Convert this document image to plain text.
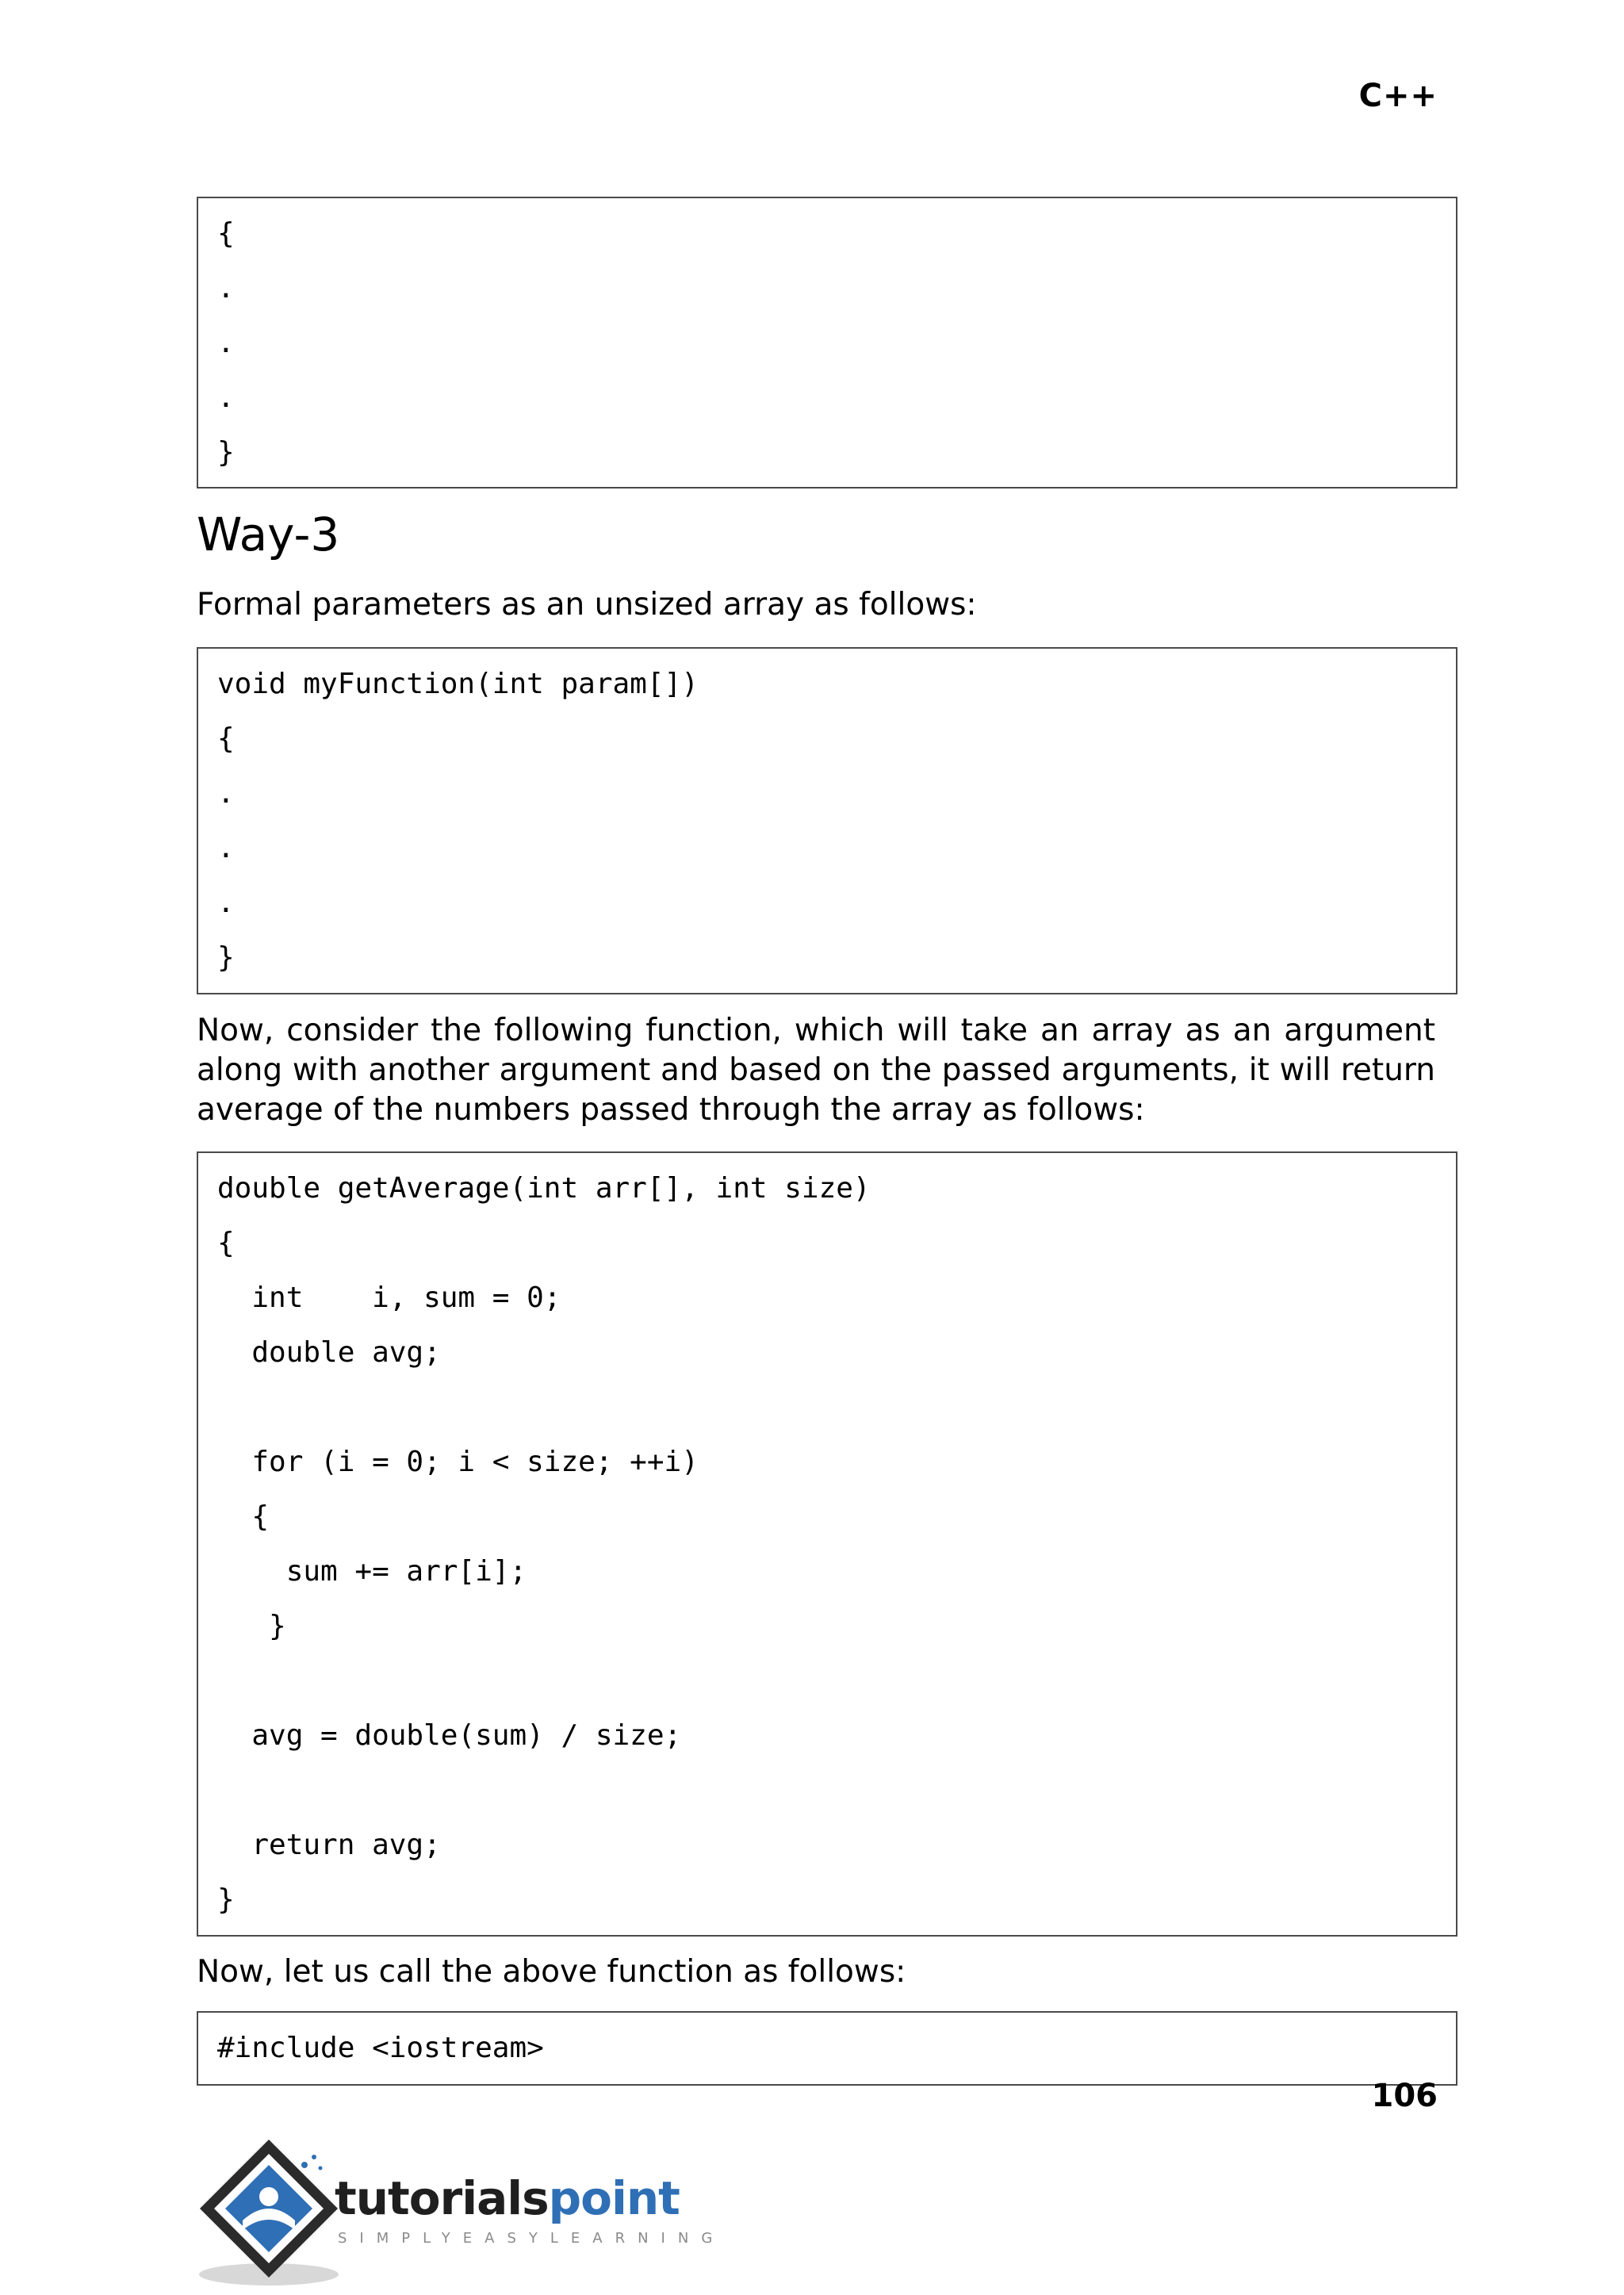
C++
{
.
.
.
}
Way-3

Formal parameters as an unsized array as follows:

void myFunction(int param[])
{
.
.
.
}

Now, consider the following function, which will take an array as an argument along with another argument and based on the passed arguments, it will return average of the numbers passed through the array as follows:

double getAverage(int arr[], int size)
{
int    i, sum = 0;
double avg;
for (i = 0; i < size; ++i)
{
sum += arr[i];
}
avg = double(sum) / size;
return avg;
}

Now, let us call the above function as follows:

#include <iostream>
106
tutorialspoint
SIMPLYEASYLEARNING
